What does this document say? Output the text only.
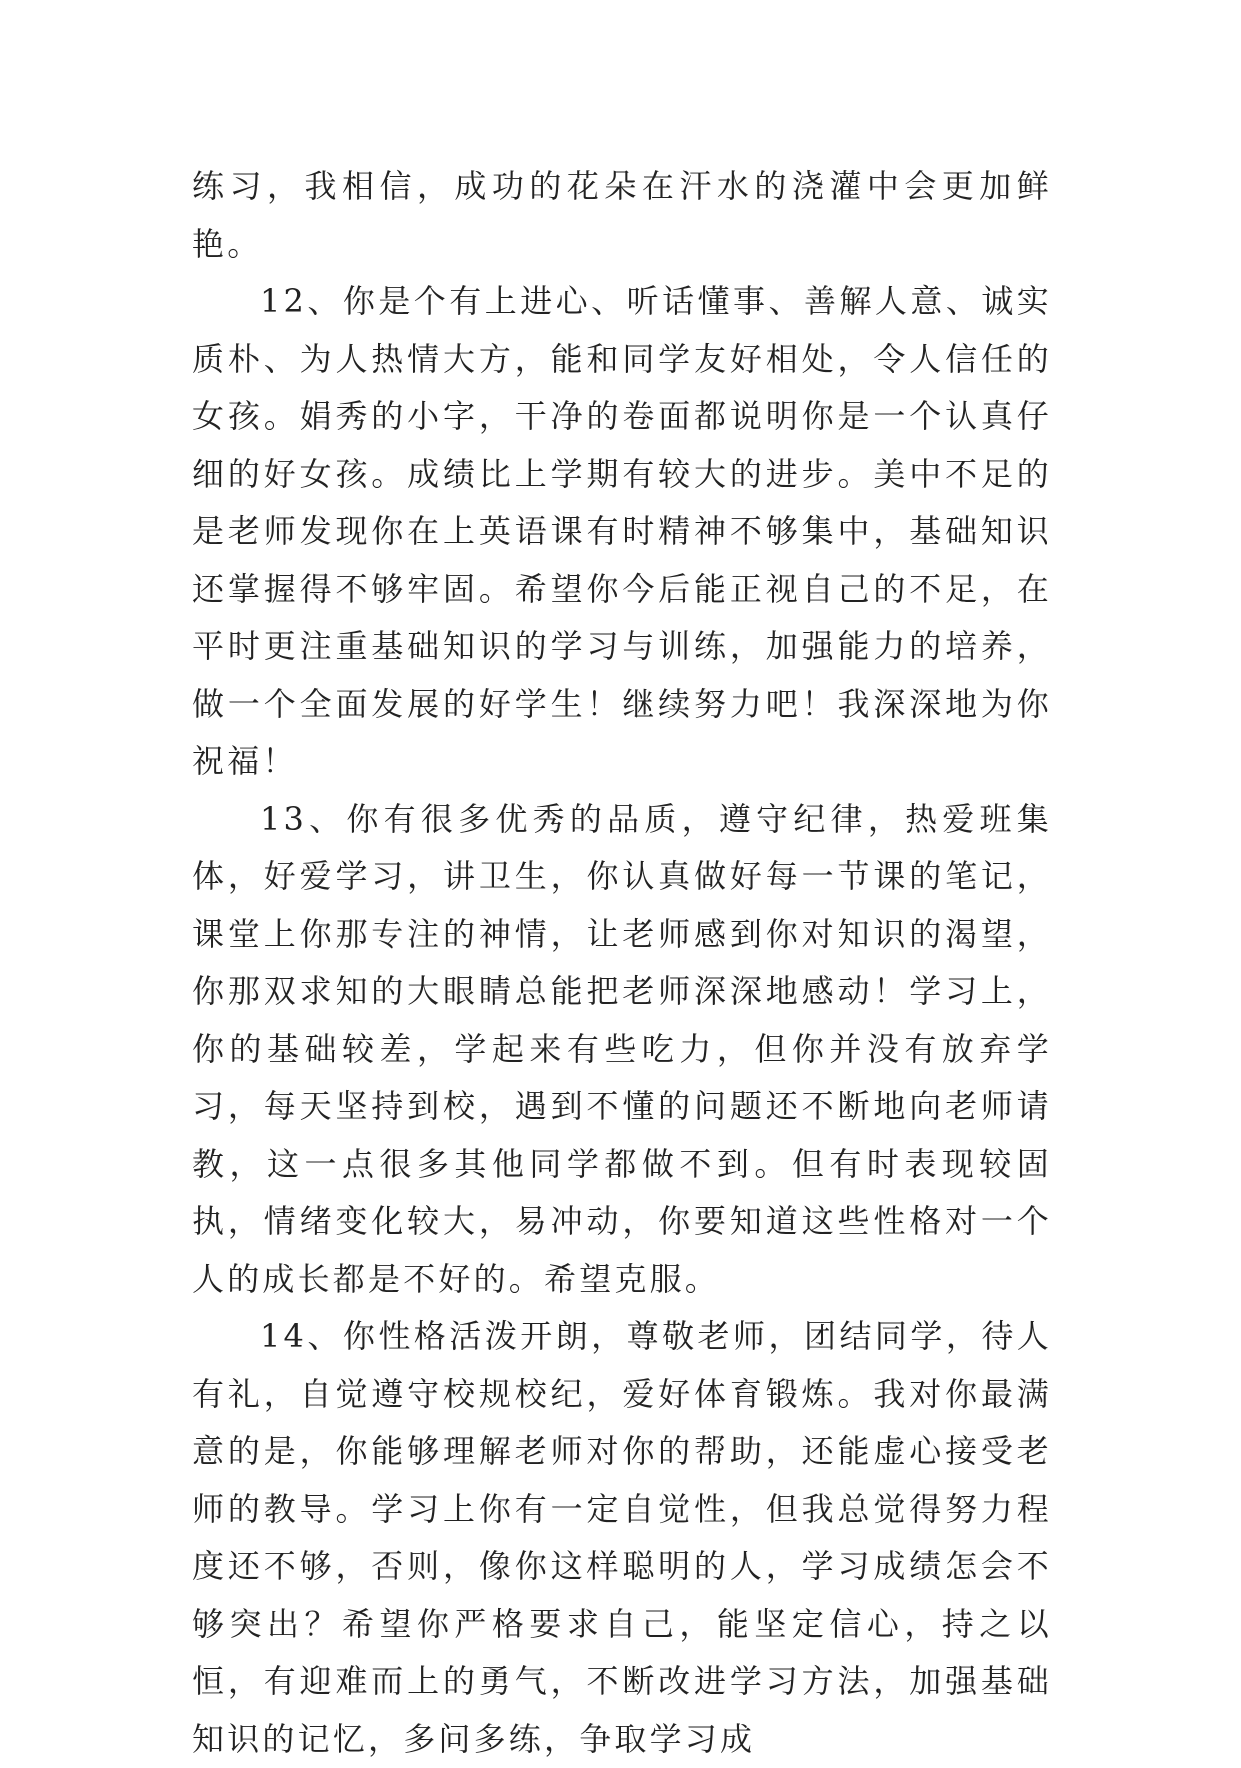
练习，我相信，成功的花朵在汗水的浇灌中会更加鲜艳。

12、你是个有上进心、听话懂事、善解人意、诚实质朴、为人热情大方，能和同学友好相处，令人信任的女孩。娟秀的小字，干净的卷面都说明你是一个认真仔细的好女孩。成绩比上学期有较大的进步。美中不足的是老师发现你在上英语课有时精神不够集中，基础知识还掌握得不够牢固。希望你今后能正视自己的不足，在平时更注重基础知识的学习与训练，加强能力的培养，做一个全面发展的好学生！继续努力吧！我深深地为你祝福！

13、你有很多优秀的品质，遵守纪律，热爱班集体，好爱学习，讲卫生，你认真做好每一节课的笔记，课堂上你那专注的神情，让老师感到你对知识的渴望，你那双求知的大眼睛总能把老师深深地感动！学习上，你的基础较差，学起来有些吃力，但你并没有放弃学习，每天坚持到校，遇到不懂的问题还不断地向老师请教，这一点很多其他同学都做不到。但有时表现较固执，情绪变化较大，易冲动，你要知道这些性格对一个人的成长都是不好的。希望克服。

14、你性格活泼开朗，尊敬老师，团结同学，待人有礼，自觉遵守校规校纪，爱好体育锻炼。我对你最满意的是，你能够理解老师对你的帮助，还能虚心接受老师的教导。学习上你有一定自觉性，但我总觉得努力程度还不够，否则，像你这样聪明的人，学习成绩怎会不够突出？希望你严格要求自己，能坚定信心，持之以恒，有迎难而上的勇气，不断改进学习方法，加强基础知识的记忆，多问多练，争取学习成
